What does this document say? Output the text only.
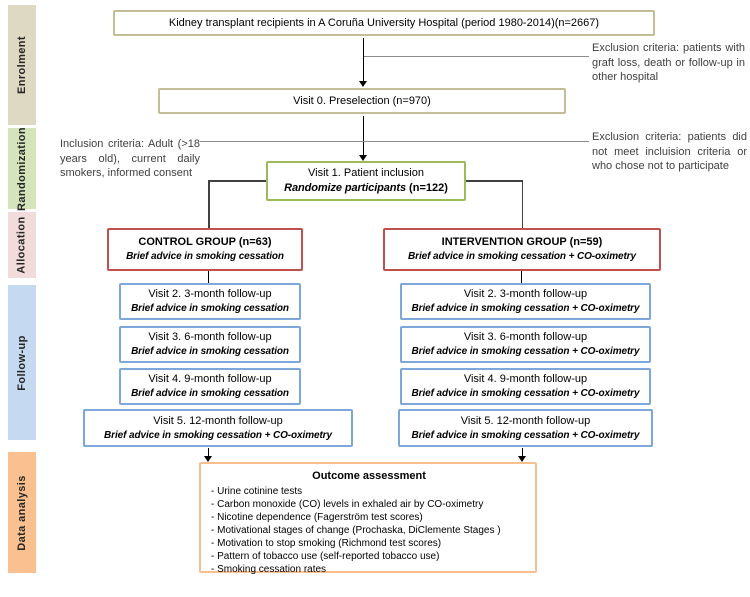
Enrolment
Randomization
Allocation
Follow-up
Data analysis
Kidney transplant recipients in A Coruña University Hospital (period 1980-2014)(n=2667)
Visit 0. Preselection (n=970)
Visit 1. Patient inclusion
Randomize participants (n=122)
CONTROL GROUP (n=63)
Brief advice in smoking cessation
INTERVENTION GROUP (n=59)
Brief advice in smoking cessation + CO-oximetry
Visit 2. 3-month follow-up
Brief advice in smoking cessation
Visit 3. 6-month follow-up
Brief advice in smoking cessation
Visit 4. 9-month follow-up
Brief advice in smoking cessation
Visit 5. 12-month follow-up
Brief advice in smoking cessation + CO-oximetry
Visit 2. 3-month follow-up
Brief advice in smoking cessation + CO-oximetry
Visit 3. 6-month follow-up
Brief advice in smoking cessation + CO-oximetry
Visit 4. 9-month follow-up
Brief advice in smoking cessation + CO-oximetry
Visit 5. 12-month follow-up
Brief advice in smoking cessation + CO-oximetry
Outcome assessment
- Urine cotinine tests
- Carbon monoxide (CO) levels in exhaled air by CO-oximetry
- Nicotine dependence (Fagerström test scores)
- Motivational stages of change (Prochaska, DiClemente Stages )
- Motivation to stop smoking (Richmond test scores)
- Pattern of tobacco use (self-reported tobacco use)
- Smoking cessation rates
Exclusion criteria: patients with graft loss, death or follow-up in other hospital
Inclusion criteria: Adult (>18 years old), current daily smokers, informed consent
Exclusion criteria: patients did not meet incluision criteria or who chose not to participate
